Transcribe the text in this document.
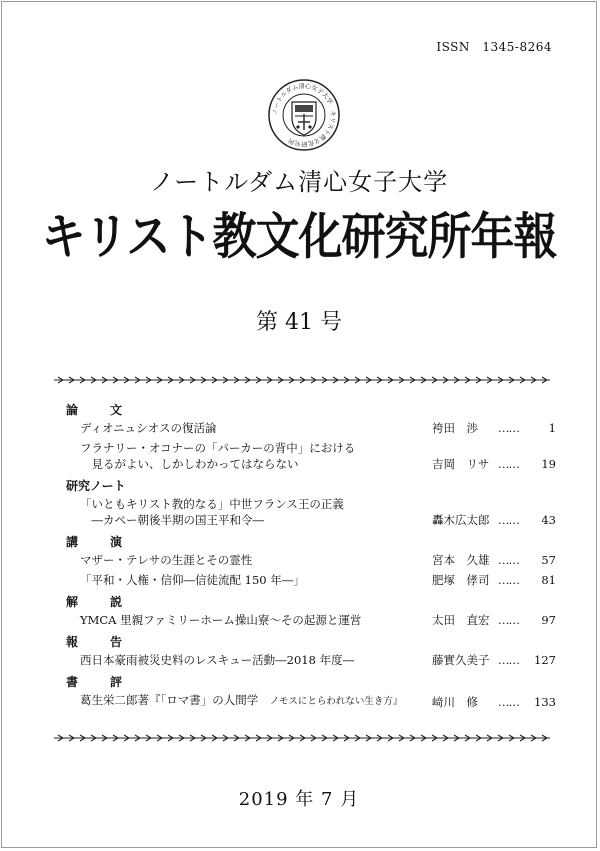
ISSN　1345-8264
ノートルダム清心女子大学　キリスト教文化研究所
ノートルダム清心女子大学
キリスト教文化研究所年報
第 41 号
論　文
ディオニュシオスの復活論	袴田　渉	……	1
フラナリー・オコナーの「パーカーの背中」における
　見るがよい、しかしわかってはならない	吉岡　リサ ……	19
研究ノート
「いともキリスト教的なる」中世フランス王の正義
　―カペー朝後半期の国王平和令―	轟木広太郎 ……	43
講　演
マザー・テレサの生涯とその霊性	宮本　久雄 ……	57
「平和・人権・信仰―信徒流配 150 年―」	肥塚　侾司 ……	81
解　説
YMCA 里親ファミリーホーム操山寮～その起源と運営	太田　直宏 ……	97
報　告
西日本豪雨被災史料のレスキュー活動―2018 年度―	藤實久美子 ……	127
書　評
葛生栄二郎著『「ロマ書」の人間学　 ノモスにとらわれない生き方』	﨑川　修	……	133
2019 年 7 月
